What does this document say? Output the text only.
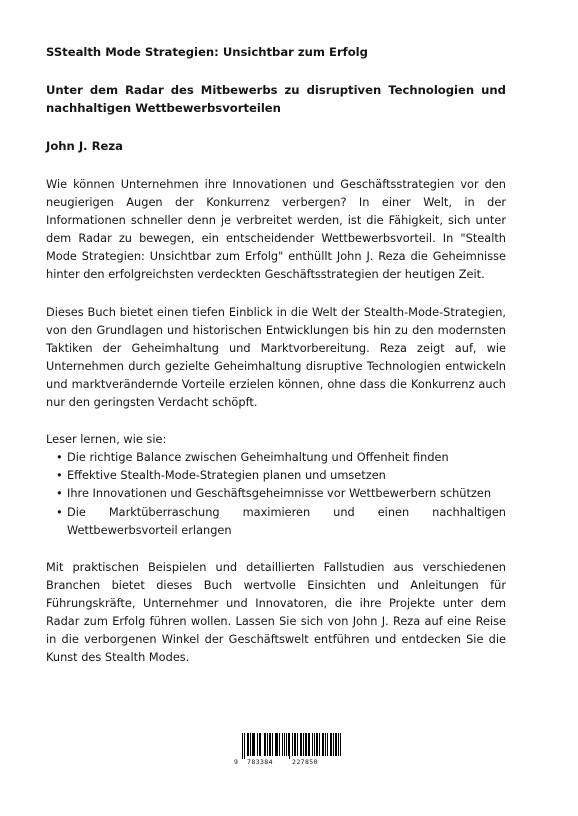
SStealth Mode Strategien: Unsichtbar zum Erfolg
Unter dem Radar des Mitbewerbs zu disruptiven Technologien und nachhaltigen Wettbewerbsvorteilen
John J. Reza

Wie können Unternehmen ihre Innovationen und Geschäftsstrategien vor den neugierigen Augen der Konkurrenz verbergen? In einer Welt, in der Informationen schneller denn je verbreitet werden, ist die Fähigkeit, sich unter dem Radar zu bewegen, ein entscheidender Wettbewerbsvorteil. In "Stealth Mode Strategien: Unsichtbar zum Erfolg" enthüllt John J. Reza die Geheimnisse hinter den erfolgreichsten verdeckten Geschäftsstrategien der heutigen Zeit.

Dieses Buch bietet einen tiefen Einblick in die Welt der Stealth-Mode-Strategien, von den Grundlagen und historischen Entwicklungen bis hin zu den modernsten Taktiken der Geheimhaltung und Marktvorbereitung. Reza zeigt auf, wie Unternehmen durch gezielte Geheimhaltung disruptive Technologien entwickeln und marktverändernde Vorteile erzielen können, ohne dass die Konkurrenz auch nur den geringsten Verdacht schöpft.

Leser lernen, wie sie:

• Die richtige Balance zwischen Geheimhaltung und Offenheit finden
• Effektive Stealth-Mode-Strategien planen und umsetzen
• Ihre Innovationen und Geschäftsgeheimnisse vor Wettbewerbern schützen
• Die Marktüberraschung maximieren und einen nachhaltigen Wettbewerbsvorteil erlangen

Mit praktischen Beispielen und detaillierten Fallstudien aus verschiedenen Branchen bietet dieses Buch wertvolle Einsichten und Anleitungen für Führungskräfte, Unternehmer und Innovatoren, die ihre Projekte unter dem Radar zum Erfolg führen wollen. Lassen Sie sich von John J. Reza auf eine Reise in die verborgenen Winkel der Geschäftswelt entführen und entdecken Sie die Kunst des Stealth Modes.

9 783384	227850
